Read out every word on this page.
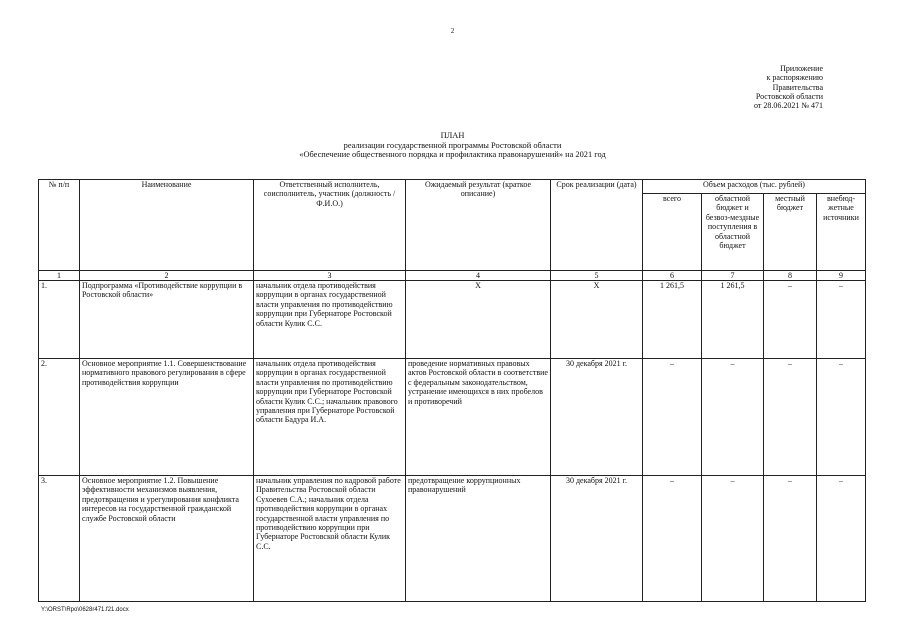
2
Приложение
к распоряжению
Правительства
Ростовской области
от 28.06.2021 № 471
ПЛАН
реализации государственной программы Ростовской области
«Обеспечение общественного порядка и профилактика правонарушений» на 2021 год
№ п/п	Наименование	Ответственный исполнитель, соисполнитель, участник (должность / Ф.И.О.)	Ожидаемый результат (краткое описание)	Срок реализации (дата)	Объем расходов (тыс. рублей)			
					всего	областной бюджет и безвоз-мездные поступления в областной бюджет	местный бюджет	внебюд-жетные источники
1	2	3	4	5	6	7	8	9
1.	Подпрограмма «Противодействие коррупции в Ростовской области»	начальник отдела противодействия коррупции в органах государственной власти управления по противодействию коррупции при Губернаторе Ростовской области Кулик С.С.	Х	Х	1 261,5	1 261,5	–	–
2.	Основное мероприятие 1.1. Совершенствование нормативного правового регулирования в сфере противодействия коррупции	начальник отдела противодействия коррупции в органах государственной власти управления по противодействию коррупции при Губернаторе Ростовской области Кулик С.С.; начальник правового управления при Губернаторе Ростовской области Бадура И.А.	проведение нормативных правовых актов Ростовской области в соответствие с федеральным законодательством, устранение имеющихся в них пробелов и противоречий	30 декабря 2021 г.	–	–	–	–
3.	Основное мероприятие 1.2. Повышение эффективности механизмов выявления, предотвращения и урегулирования конфликта интересов на государственной гражданской службе Ростовской области	начальник управления по кадровой работе Правительства Ростовской области Сухоевев С.А.; начальник отдела противодействия коррупции в органах государственной власти управления по противодействию коррупции при Губернаторе Ростовской области Кулик С.С.	предотвращение коррупционных правонарушений	30 декабря 2021 г.	–	–	–	–
Y:\ORST\Rpo\0628r471.f21.docx
